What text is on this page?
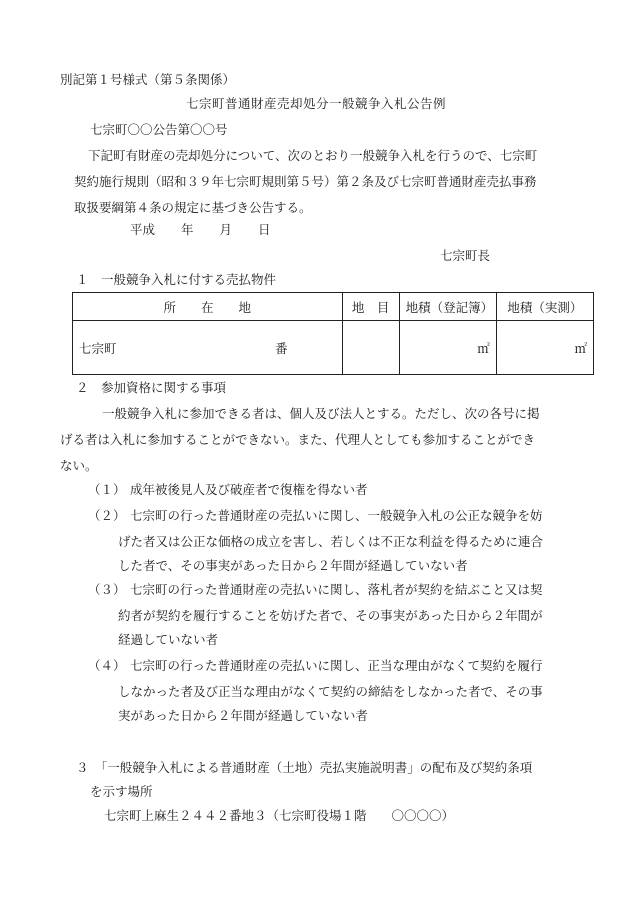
別記第１号様式（第５条関係）
七宗町普通財産売却処分一般競争入札公告例
七宗町〇〇公告第〇〇号
下記町有財産の売却処分について、次のとおり一般競争入札を行うので、七宗町
契約施行規則（昭和３９年七宗町規則第５号）第２条及び七宗町普通財産売払事務
取扱要綱第４条の規定に基づき公告する。
平成 年 月 日
七宗町長
１　一般競争入札に付する売払物件
所　　在　　地	地　目	地積（登記簿）	地積（実測）
七宗町 番		㎡	㎡
２　参加資格に関する事項
一般競争入札に参加できる者は、個人及び法人とする。ただし、次の各号に掲
げる者は入札に参加することができない。また、代理人としても参加することができ
ない。
（１） 成年被後見人及び破産者で復権を得ない者
（２） 七宗町の行った普通財産の売払いに関し、一般競争入札の公正な競争を妨
げた者又は公正な価格の成立を害し、若しくは不正な利益を得るために連合
した者で、その事実があった日から２年間が経過していない者
（３） 七宗町の行った普通財産の売払いに関し、落札者が契約を結ぶこと又は契
約者が契約を履行することを妨げた者で、その事実があった日から２年間が
経過していない者
（４） 七宗町の行った普通財産の売払いに関し、正当な理由がなくて契約を履行
しなかった者及び正当な理由がなくて契約の締結をしなかった者で、その事
実があった日から２年間が経過していない者
３　「一般競争入札による普通財産（土地）売払実施説明書」の配布及び契約条項
を示す場所
七宗町上麻生２４４２番地３（七宗町役場１階　　〇〇〇〇）
